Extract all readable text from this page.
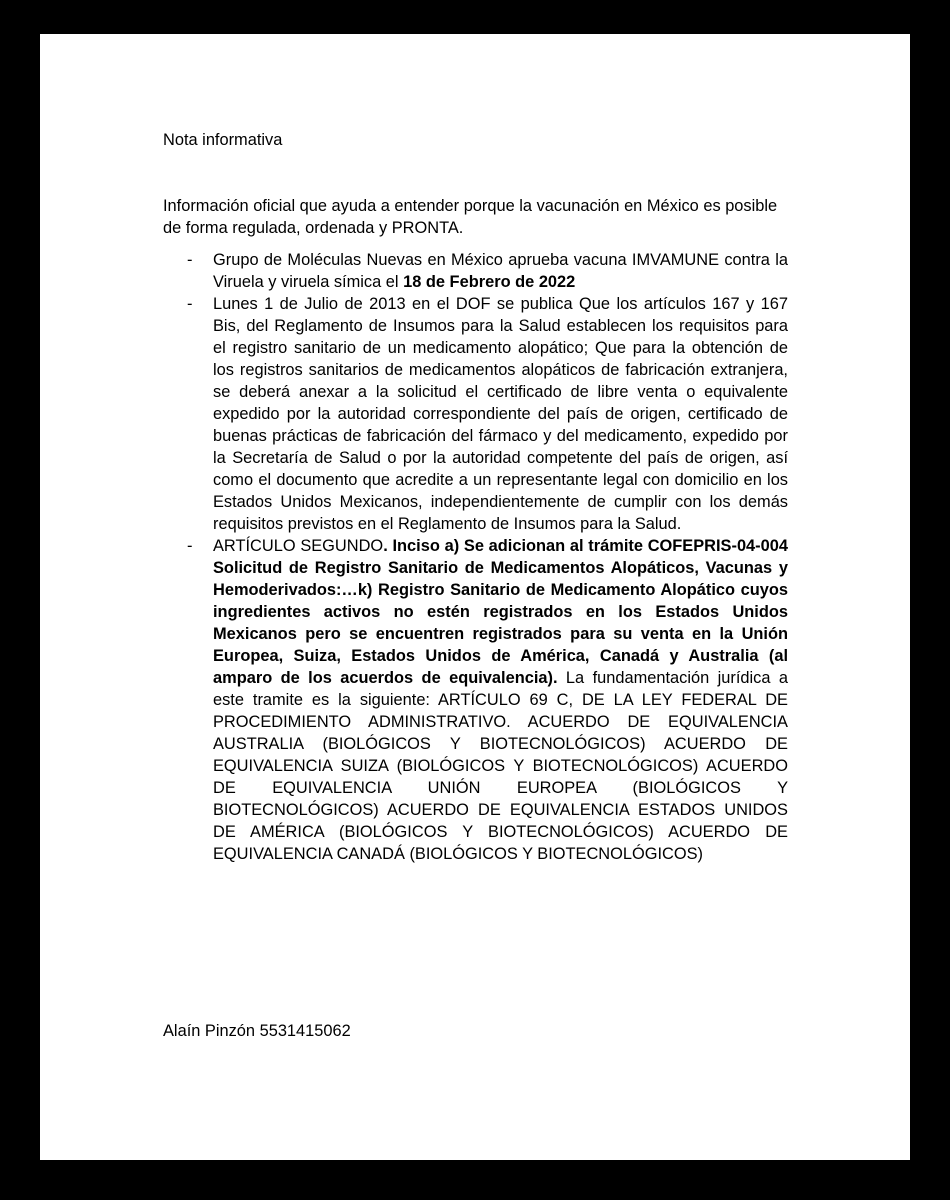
Nota informativa

Información oficial que ayuda a entender porque la vacunación en México es posible de forma regulada, ordenada y PRONTA.

- Grupo de Moléculas Nuevas en México aprueba vacuna IMVAMUNE contra la Viruela y viruela símica el 18 de Febrero de 2022
- Lunes 1 de Julio de 2013 en el DOF se publica Que los artículos 167 y 167 Bis, del Reglamento de Insumos para la Salud establecen los requisitos para el registro sanitario de un medicamento alopático; Que para la obtención de los registros sanitarios de medicamentos alopáticos de fabricación extranjera, se deberá anexar a la solicitud el certificado de libre venta o equivalente expedido por la autoridad correspondiente del país de origen, certificado de buenas prácticas de fabricación del fármaco y del medicamento, expedido por la Secretaría de Salud o por la autoridad competente del país de origen, así como el documento que acredite a un representante legal con domicilio en los Estados Unidos Mexicanos, independientemente de cumplir con los demás requisitos previstos en el Reglamento de Insumos para la Salud.
- ARTÍCULO SEGUNDO. Inciso a) Se adicionan al trámite COFEPRIS-04-004 Solicitud de Registro Sanitario de Medicamentos Alopáticos, Vacunas y Hemoderivados:…k) Registro Sanitario de Medicamento Alopático cuyos ingredientes activos no estén registrados en los Estados Unidos Mexicanos pero se encuentren registrados para su venta en la Unión Europea, Suiza, Estados Unidos de América, Canadá y Australia (al amparo de los acuerdos de equivalencia). La fundamentación jurídica a este tramite es la siguiente: ARTÍCULO 69 C, DE LA LEY FEDERAL DE PROCEDIMIENTO ADMINISTRATIVO. ACUERDO DE EQUIVALENCIA AUSTRALIA (BIOLÓGICOS Y BIOTECNOLÓGICOS) ACUERDO DE EQUIVALENCIA SUIZA (BIOLÓGICOS Y BIOTECNOLÓGICOS) ACUERDO DE EQUIVALENCIA UNIÓN EUROPEA (BIOLÓGICOS Y BIOTECNOLÓGICOS) ACUERDO DE EQUIVALENCIA ESTADOS UNIDOS DE AMÉRICA (BIOLÓGICOS Y BIOTECNOLÓGICOS) ACUERDO DE EQUIVALENCIA CANADÁ (BIOLÓGICOS Y BIOTECNOLÓGICOS)

Alaín Pinzón 5531415062
